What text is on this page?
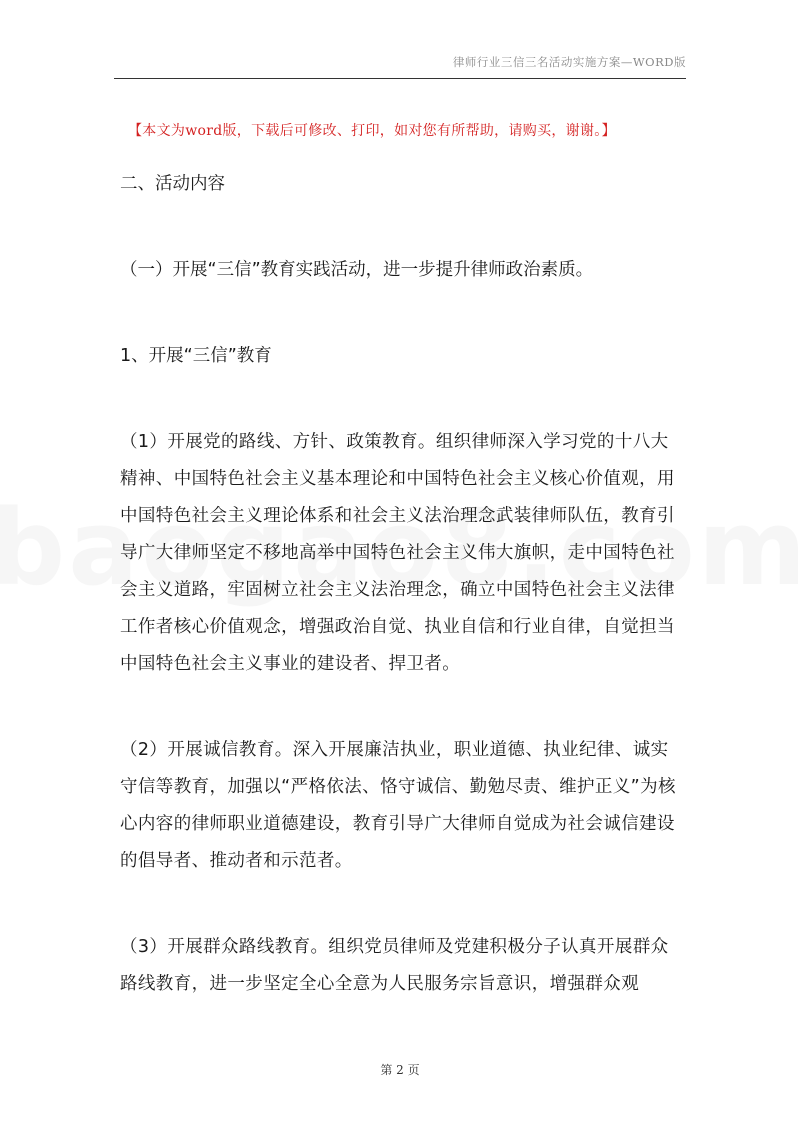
律师行业三信三名活动实施方案—WORD版
【本文为word版，下载后可修改、打印，如对您有所帮助，请购买，谢谢。】

二、活动内容

（一）开展“三信”教育实践活动，进一步提升律师政治素质。

1、开展“三信”教育

（1）开展党的路线、方针、政策教育。组织律师深入学习党的十八大精神、中国特色社会主义基本理论和中国特色社会主义核心价值观，用中国特色社会主义理论体系和社会主义法治理念武装律师队伍，教育引导广大律师坚定不移地高举中国特色社会主义伟大旗帜，走中国特色社会主义道路，牢固树立社会主义法治理念，确立中国特色社会主义法律工作者核心价值观念，增强政治自觉、执业自信和行业自律，自觉担当中国特色社会主义事业的建设者、捍卫者。

（2）开展诚信教育。深入开展廉洁执业，职业道德、执业纪律、诚实守信等教育，加强以“严格依法、恪守诚信、勤勉尽责、维护正义”为核心内容的律师职业道德建设，教育引导广大律师自觉成为社会诚信建设的倡导者、推动者和示范者。

（3）开展群众路线教育。组织党员律师及党建积极分子认真开展群众路线教育，进一步坚定全心全意为人民服务宗旨意识，增强群众观

第 2 页
